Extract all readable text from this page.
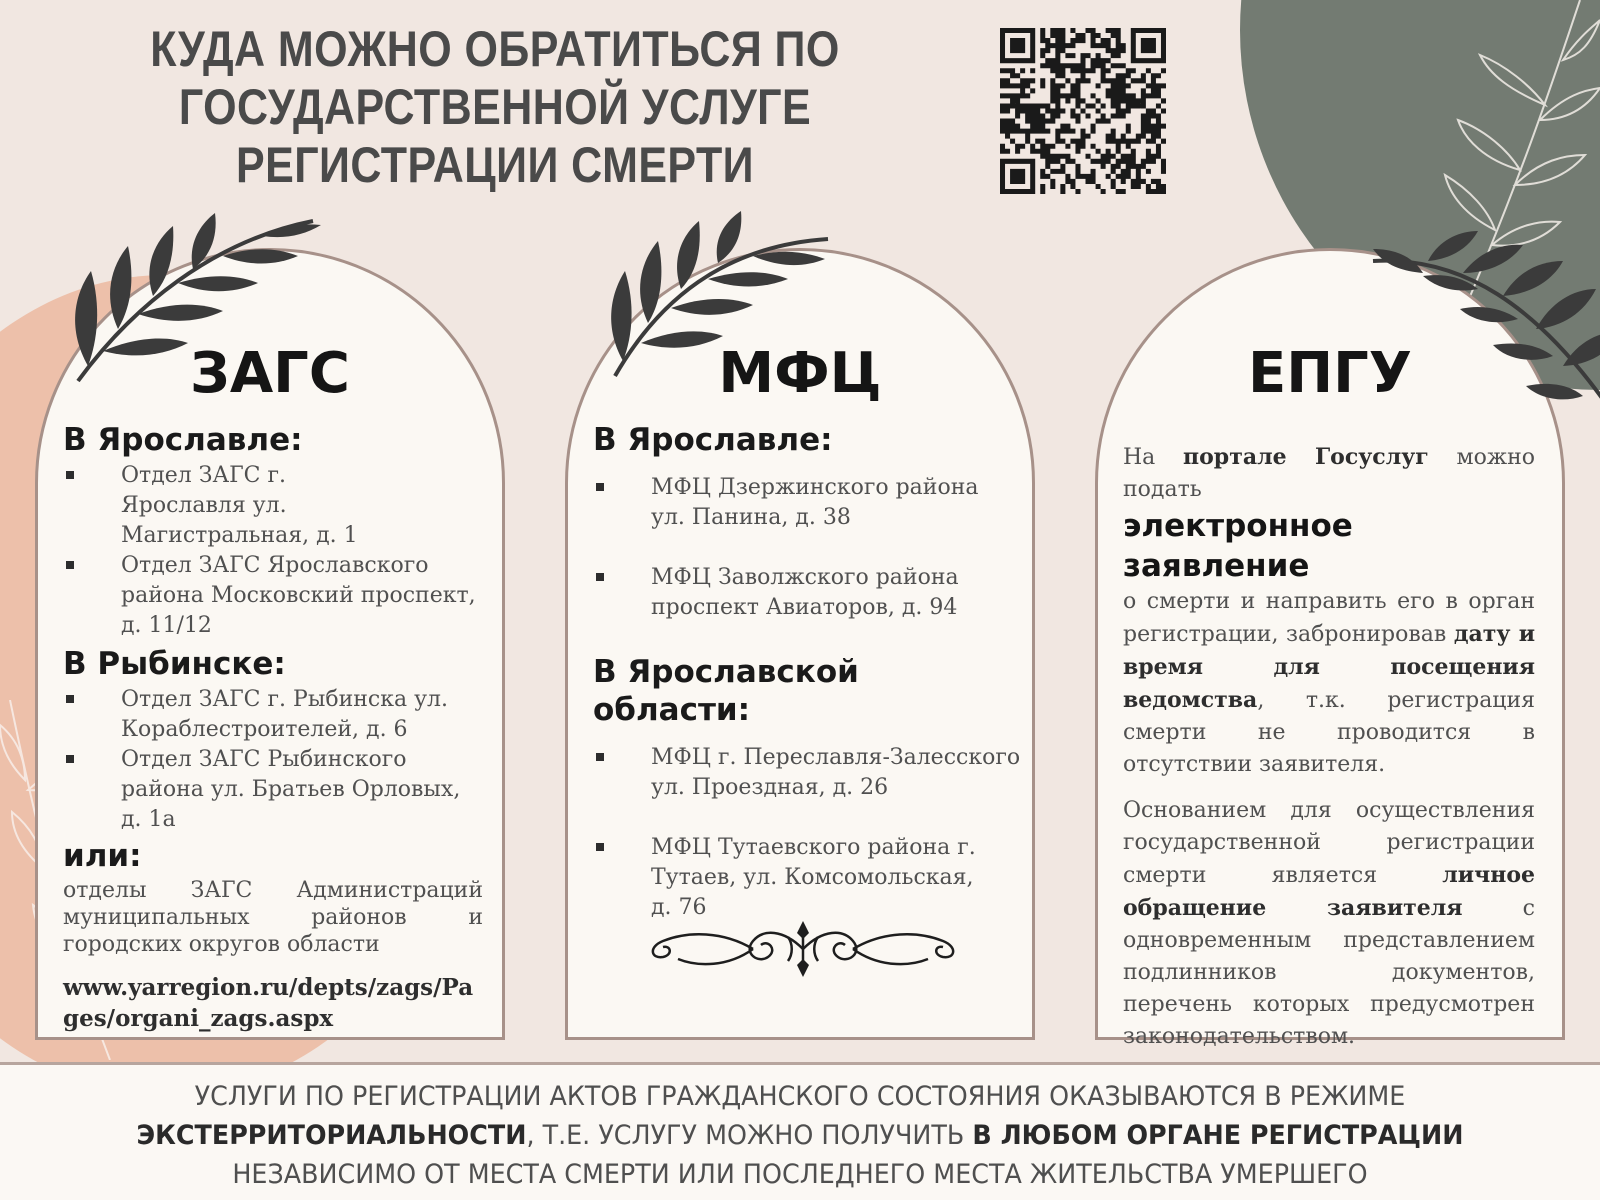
КУДА МОЖНО ОБРАТИТЬСЯ ПО ГОСУДАРСТВЕННОЙ УСЛУГЕ РЕГИСТРАЦИИ СМЕРТИ
ЗАГС
В Ярославле:
Отдел ЗАГС г. Ярославля ул. Магистральная, д. 1
Отдел ЗАГС Ярославского района Московский проспект, д. 11/12
В Рыбинске:
Отдел ЗАГС г. Рыбинска ул. Кораблестроителей, д. 6
Отдел ЗАГС Рыбинского района ул. Братьев Орловых, д. 1а
или:
отделы ЗАГС Администраций муниципальных районов и городских округов области
www.yarregion.ru/depts/zags/Pages/organi_zags.aspx
МФЦ
В Ярославле:
МФЦ Дзержинского района ул. Панина, д. 38
МФЦ Заволжского района проспект Авиаторов, д. 94
В Ярославской области:
МФЦ г. Переславля-Залесского ул. Проездная, д. 26
МФЦ Тутаевского района г. Тутаев, ул. Комсомольская, д. 76
ЕПГУ

На портале Госуслуг можно подать
электронное заявление
о смерти и направить его в орган регистрации, забронировав дату и время для посещения ведомства, т.к. регистрация смерти не проводится в отсутствии заявителя.

Основанием для осуществления государственной регистрации смерти является личное обращение заявителя с одновременным представлением подлинников документов, перечень которых предусмотрен законодательством.

УСЛУГИ ПО РЕГИСТРАЦИИ АКТОВ ГРАЖДАНСКОГО СОСТОЯНИЯ ОКАЗЫВАЮТСЯ В РЕЖИМЕ
ЭКСТЕРРИТОРИАЛЬНОСТИ, Т.Е. УСЛУГУ МОЖНО ПОЛУЧИТЬ В ЛЮБОМ ОРГАНЕ РЕГИСТРАЦИИ
НЕЗАВИСИМО ОТ МЕСТА СМЕРТИ ИЛИ ПОСЛЕДНЕГО МЕСТА ЖИТЕЛЬСТВА УМЕРШЕГО
